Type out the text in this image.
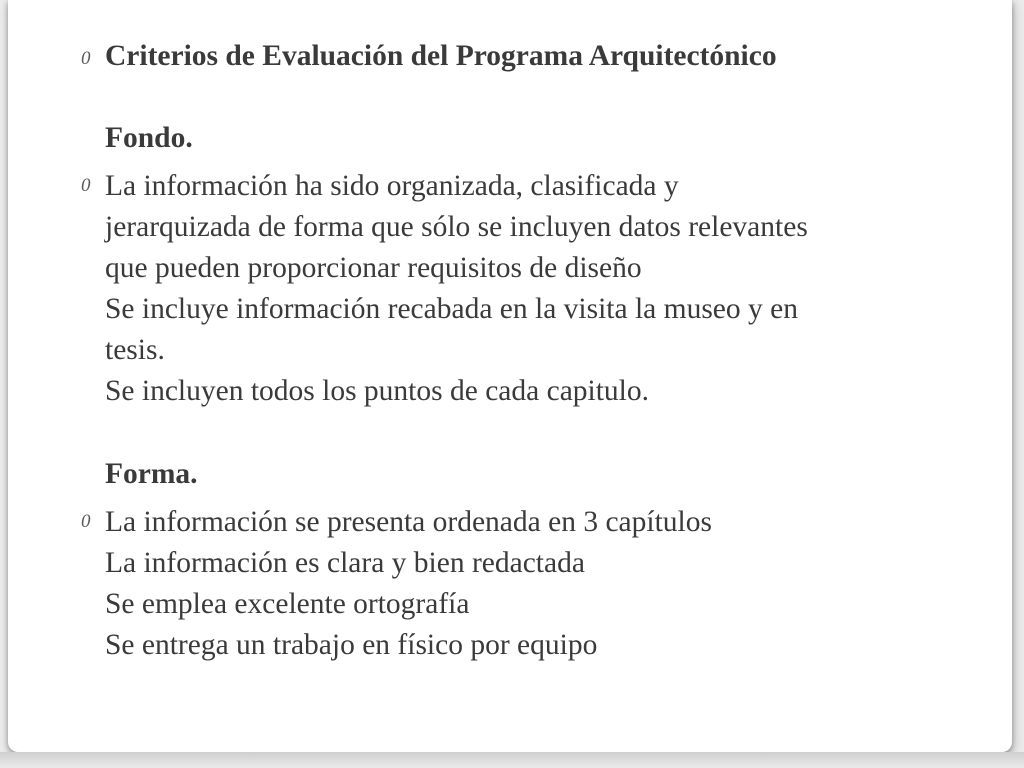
0 Criterios de Evaluación del Programa Arquitectónico
Fondo.
0 La información ha sido organizada, clasificada y
jerarquizada de forma que sólo se incluyen datos relevantes
que pueden proporcionar requisitos de diseño
Se incluye información recabada en la visita la museo y en
tesis.
Se incluyen todos los puntos de cada capitulo.
Forma.
0 La información se presenta ordenada en 3 capítulos
La información es clara y bien redactada
Se emplea excelente ortografía
Se entrega un trabajo en físico por equipo
